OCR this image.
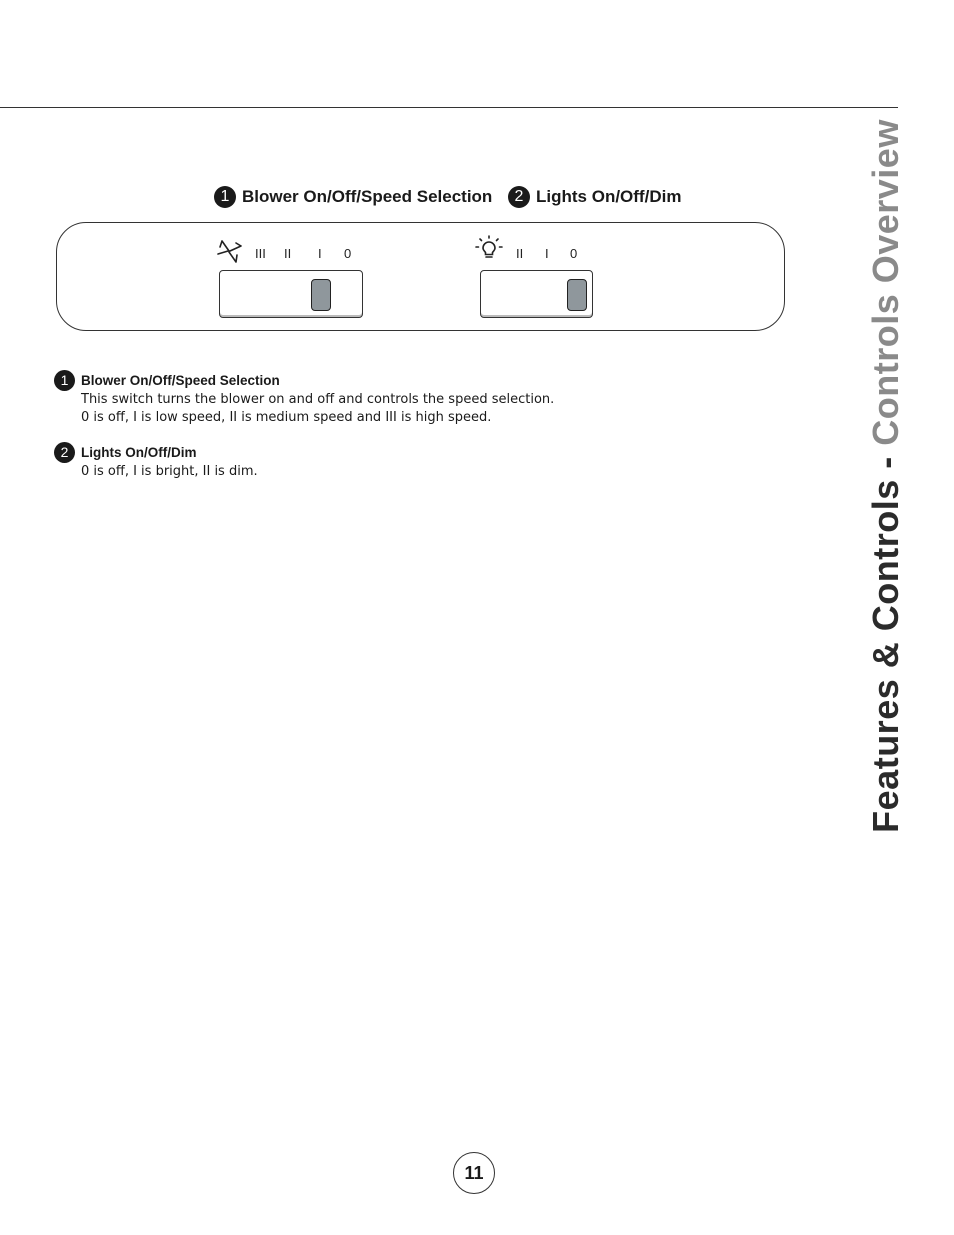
Features & Controls - Controls Overview
1 Blower On/Off/Speed Selection	2 Lights On/Off/Dim
III II I 0	II I 0
1 Blower On/Off/Speed Selection
This switch turns the blower on and off and controls the speed selection.
0 is off, I is low speed, II is medium speed and III is high speed.
2 Lights On/Off/Dim
0 is off, I is bright, II is dim.
11
